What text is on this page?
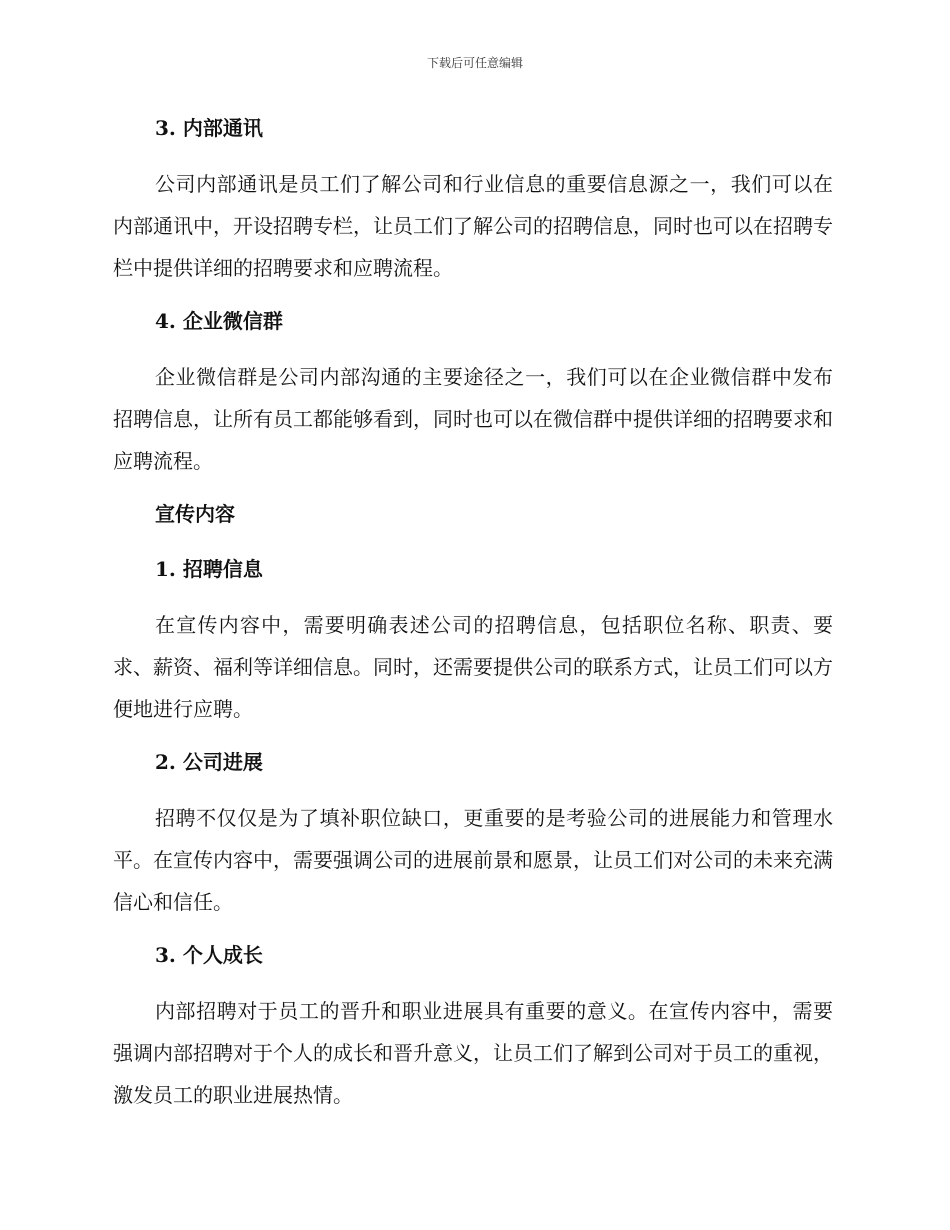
下载后可任意编辑
3. 内部通讯

公司内部通讯是员工们了解公司和行业信息的重要信息源之一，我们可以在内部通讯中，开设招聘专栏，让员工们了解公司的招聘信息，同时也可以在招聘专栏中提供详细的招聘要求和应聘流程。

4. 企业微信群

企业微信群是公司内部沟通的主要途径之一，我们可以在企业微信群中发布招聘信息，让所有员工都能够看到，同时也可以在微信群中提供详细的招聘要求和应聘流程。

宣传内容
1. 招聘信息

在宣传内容中，需要明确表述公司的招聘信息，包括职位名称、职责、要求、薪资、福利等详细信息。同时，还需要提供公司的联系方式，让员工们可以方便地进行应聘。

2. 公司进展

招聘不仅仅是为了填补职位缺口，更重要的是考验公司的进展能力和管理水平。在宣传内容中，需要强调公司的进展前景和愿景，让员工们对公司的未来充满信心和信任。

3. 个人成长

内部招聘对于员工的晋升和职业进展具有重要的意义。在宣传内容中，需要强调内部招聘对于个人的成长和晋升意义，让员工们了解到公司对于员工的重视，激发员工的职业进展热情。
